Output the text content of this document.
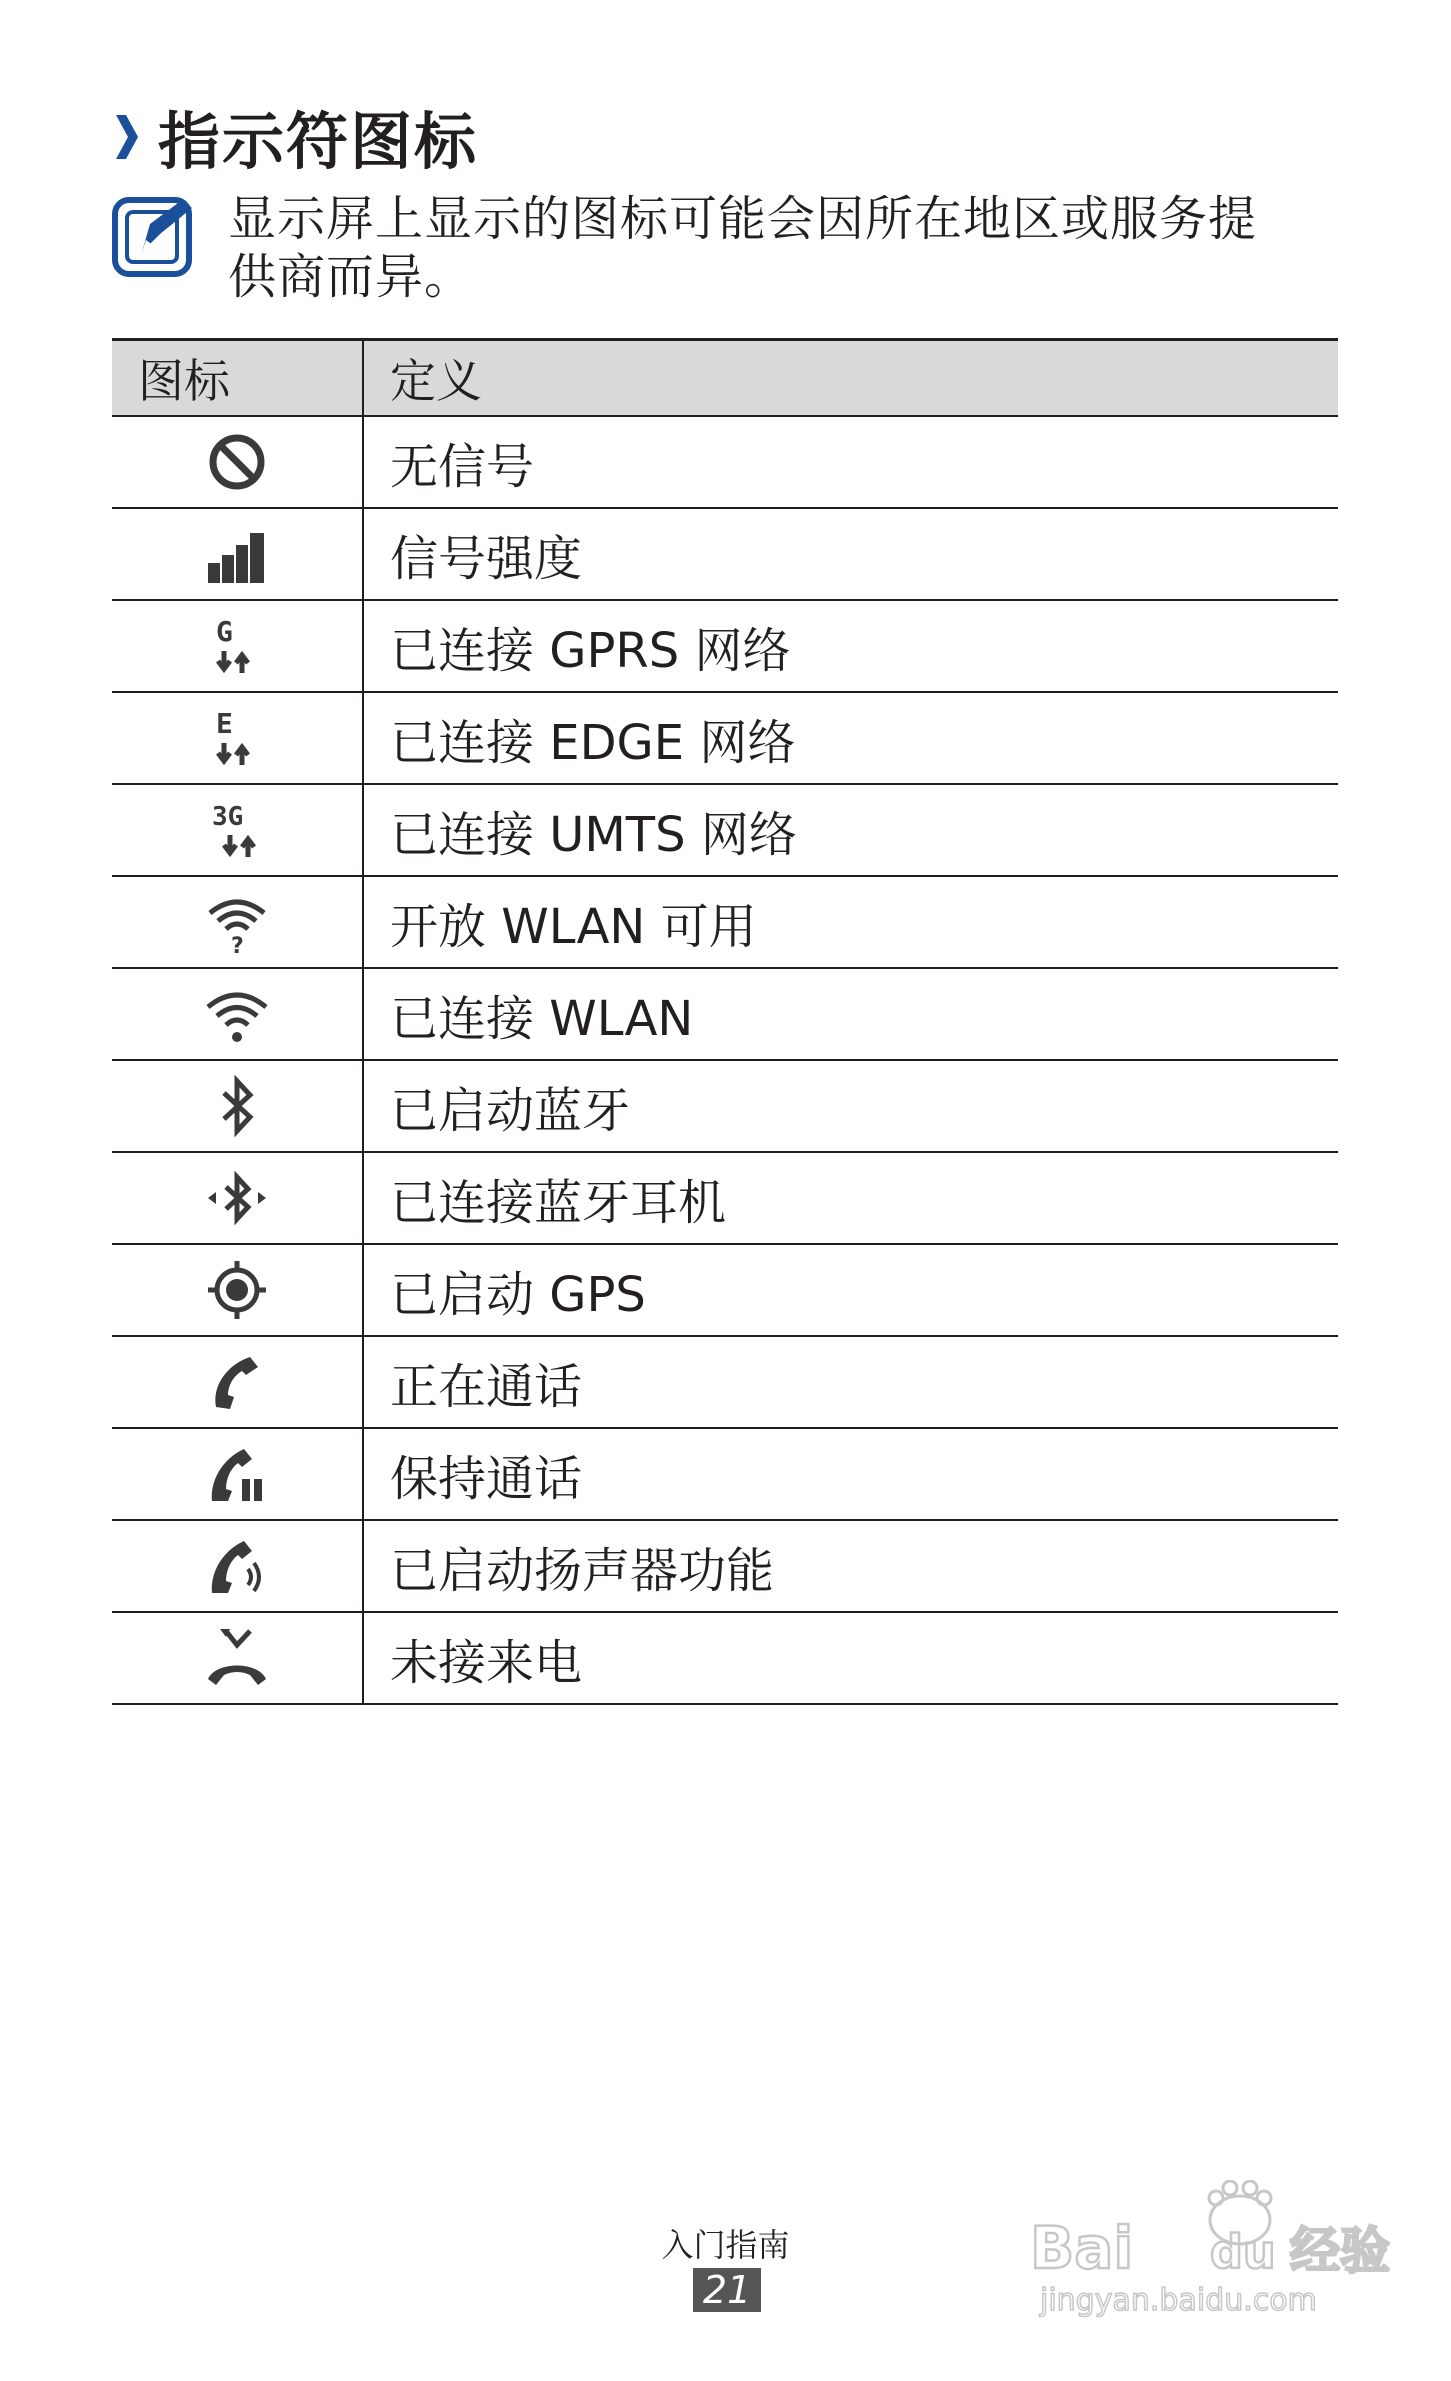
指示符图标
显示屏上显示的图标可能会因所在地区或服务提
供商而异。
图标	定义
	无信号
	信号强度

G	已连接 GPRS 网络

E	已连接 EDGE 网络

3G	已连接 UMTS 网络

?	开放 WLAN 可用
	已连接 WLAN
	已启动蓝牙
	已连接蓝牙耳机
	已启动 GPS
	正在通话
	保持通话
	已启动扬声器功能
	未接来电
入门指南
21
Bai du 经验
jingyan.baidu.com
